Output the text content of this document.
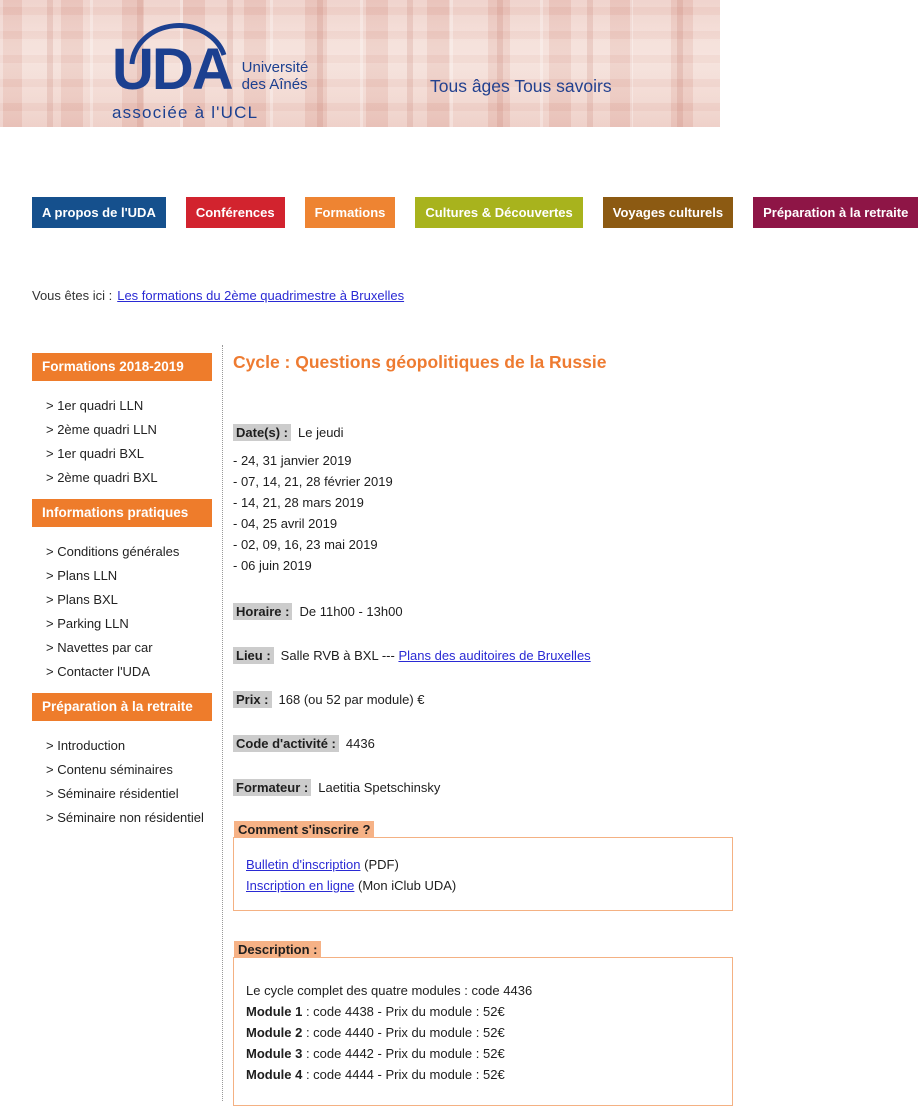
UDA Université
des Aînés
associée à l'UCL
Tous âges Tous savoirs
A propos de l'UDA	Conférences	Formations	Cultures & Découvertes	Voyages culturels	Préparation à la retraite
Vous êtes ici : Les formations du 2ème quadrimestre à Bruxelles
Formations 2018-2019
> 1er quadri LLN
> 2ème quadri LLN
> 1er quadri BXL
> 2ème quadri BXL
Informations pratiques
> Conditions générales
> Plans LLN
> Plans BXL
> Parking LLN
> Navettes par car
> Contacter l'UDA
Préparation à la retraite
> Introduction
> Contenu séminaires
> Séminaire résidentiel
> Séminaire non résidentiel
Cycle : Questions géopolitiques de la Russie
Date(s) : Le jeudi
- 24, 31 janvier 2019
- 07, 14, 21, 28 février 2019
- 14, 21, 28 mars 2019
- 04, 25 avril 2019
- 02, 09, 16, 23 mai 2019
- 06 juin 2019
Horaire : De 11h00 - 13h00
Lieu : Salle RVB à BXL --- Plans des auditoires de Bruxelles
Prix : 168 (ou 52 par module) €
Code d'activité : 4436
Formateur : Laetitia Spetschinsky
Comment s'inscrire ?
Bulletin d'inscription (PDF)
Inscription en ligne (Mon iClub UDA)
Description :
Le cycle complet des quatre modules : code 4436
Module 1 : code 4438 - Prix du module : 52€
Module 2 : code 4440 - Prix du module : 52€
Module 3 : code 4442 - Prix du module : 52€
Module 4 : code 4444 - Prix du module : 52€
